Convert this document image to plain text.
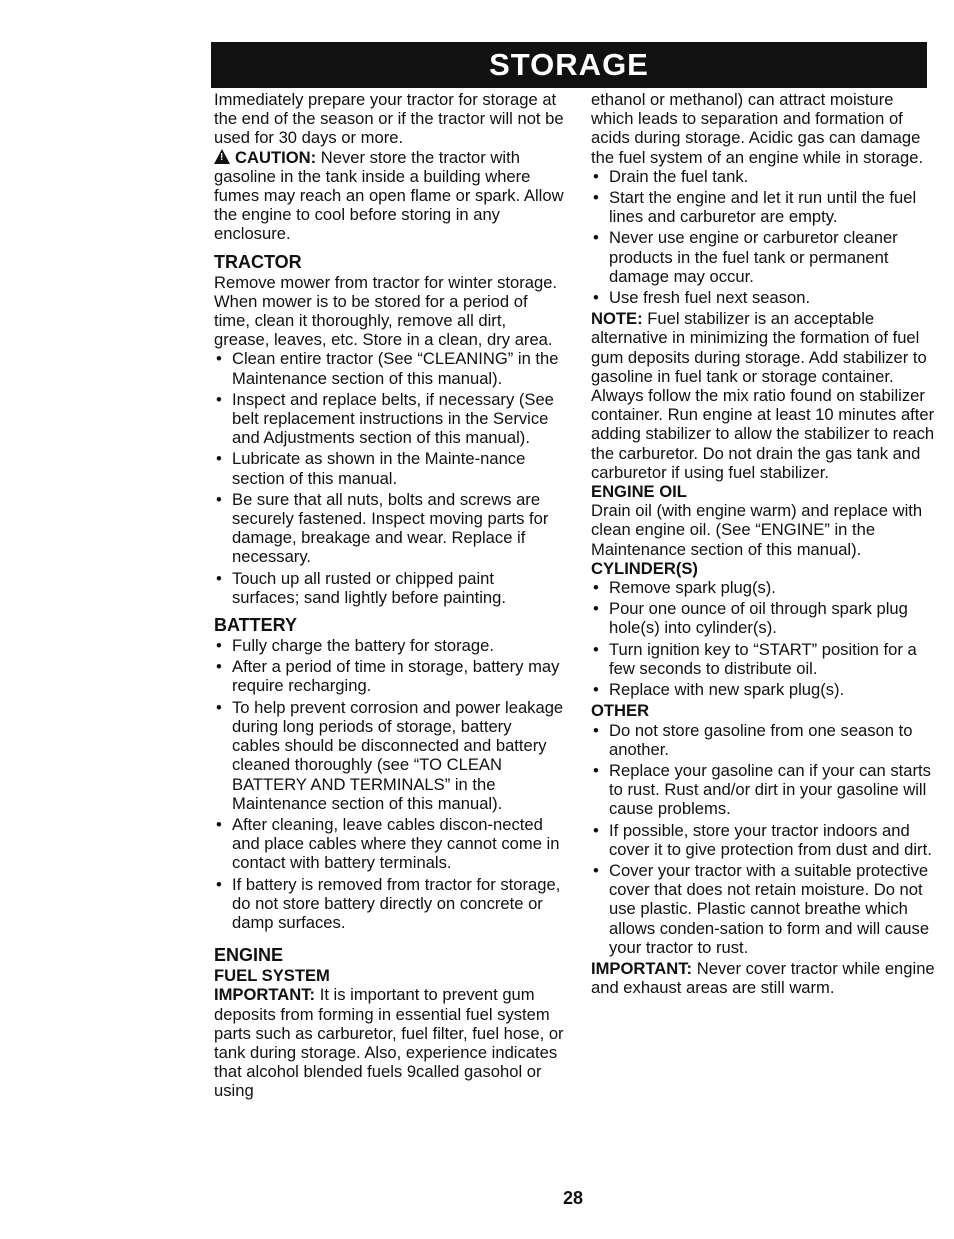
STORAGE

Immediately prepare your tractor for storage at the end of the season or if the tractor will not be used for 30 days or more.

!CAUTION: Never store the tractor with gasoline in the tank inside a building where fumes may reach an open flame or spark. Allow the engine to cool before storing in any enclosure.

TRACTOR

Remove mower from tractor for winter storage. When mower is to be stored for a period of time, clean it thoroughly, remove all dirt, grease, leaves, etc. Store in a clean, dry area.

• Clean entire tractor (See “CLEANING” in the Maintenance section of this manual).
• Inspect and replace belts, if necessary (See belt replacement instructions in the Service and Adjustments section of this manual).
• Lubricate as shown in the Mainte-nance section of this manual.
• Be sure that all nuts, bolts and screws are securely fastened. Inspect moving parts for damage, breakage and wear. Replace if necessary.
• Touch up all rusted or chipped paint surfaces; sand lightly before painting.
BATTERY
• Fully charge the battery for storage.
• After a period of time in storage, battery may require recharging.
• To help prevent corrosion and power leakage during long periods of storage, battery cables should be disconnected and battery cleaned thoroughly (see “TO CLEAN BATTERY AND TERMINALS” in the Maintenance section of this manual).
• After cleaning, leave cables discon-nected and place cables where they cannot come in contact with battery terminals.
• If battery is removed from tractor for storage, do not store battery directly on concrete or damp surfaces.
ENGINE
FUEL SYSTEM

IMPORTANT: It is important to prevent gum deposits from forming in essential fuel system parts such as carburetor, fuel filter, fuel hose, or tank during storage. Also, experience indicates that alcohol blended fuels 9called gasohol or using

ethanol or methanol) can attract moisture which leads to separation and formation of acids during storage. Acidic gas can damage the fuel system of an engine while in storage.

• Drain the fuel tank.
• Start the engine and let it run until the fuel lines and carburetor are empty.
• Never use engine or carburetor cleaner products in the fuel tank or permanent damage may occur.
• Use fresh fuel next season.

NOTE: Fuel stabilizer is an acceptable alternative in minimizing the formation of fuel gum deposits during storage. Add stabilizer to gasoline in fuel tank or storage container. Always follow the mix ratio found on stabilizer container. Run engine at least 10 minutes after adding stabilizer to allow the stabilizer to reach the carburetor. Do not drain the gas tank and carburetor if using fuel stabilizer.

ENGINE OIL

Drain oil (with engine warm) and replace with clean engine oil. (See “ENGINE” in the Maintenance section of this manual).

CYLINDER(S)
• Remove spark plug(s).
• Pour one ounce of oil through spark plug hole(s) into cylinder(s).
• Turn ignition key to “START” position for a few seconds to distribute oil.
• Replace with new spark plug(s).
OTHER
• Do not store gasoline from one season to another.
• Replace your gasoline can if your can starts to rust. Rust and/or dirt in your gasoline will cause problems.
• If possible, store your tractor indoors and cover it to give protection from dust and dirt.
• Cover your tractor with a suitable protective cover that does not retain moisture. Do not use plastic. Plastic cannot breathe which allows conden-sation to form and will cause your tractor to rust.

IMPORTANT: Never cover tractor while engine and exhaust areas are still warm.

28
